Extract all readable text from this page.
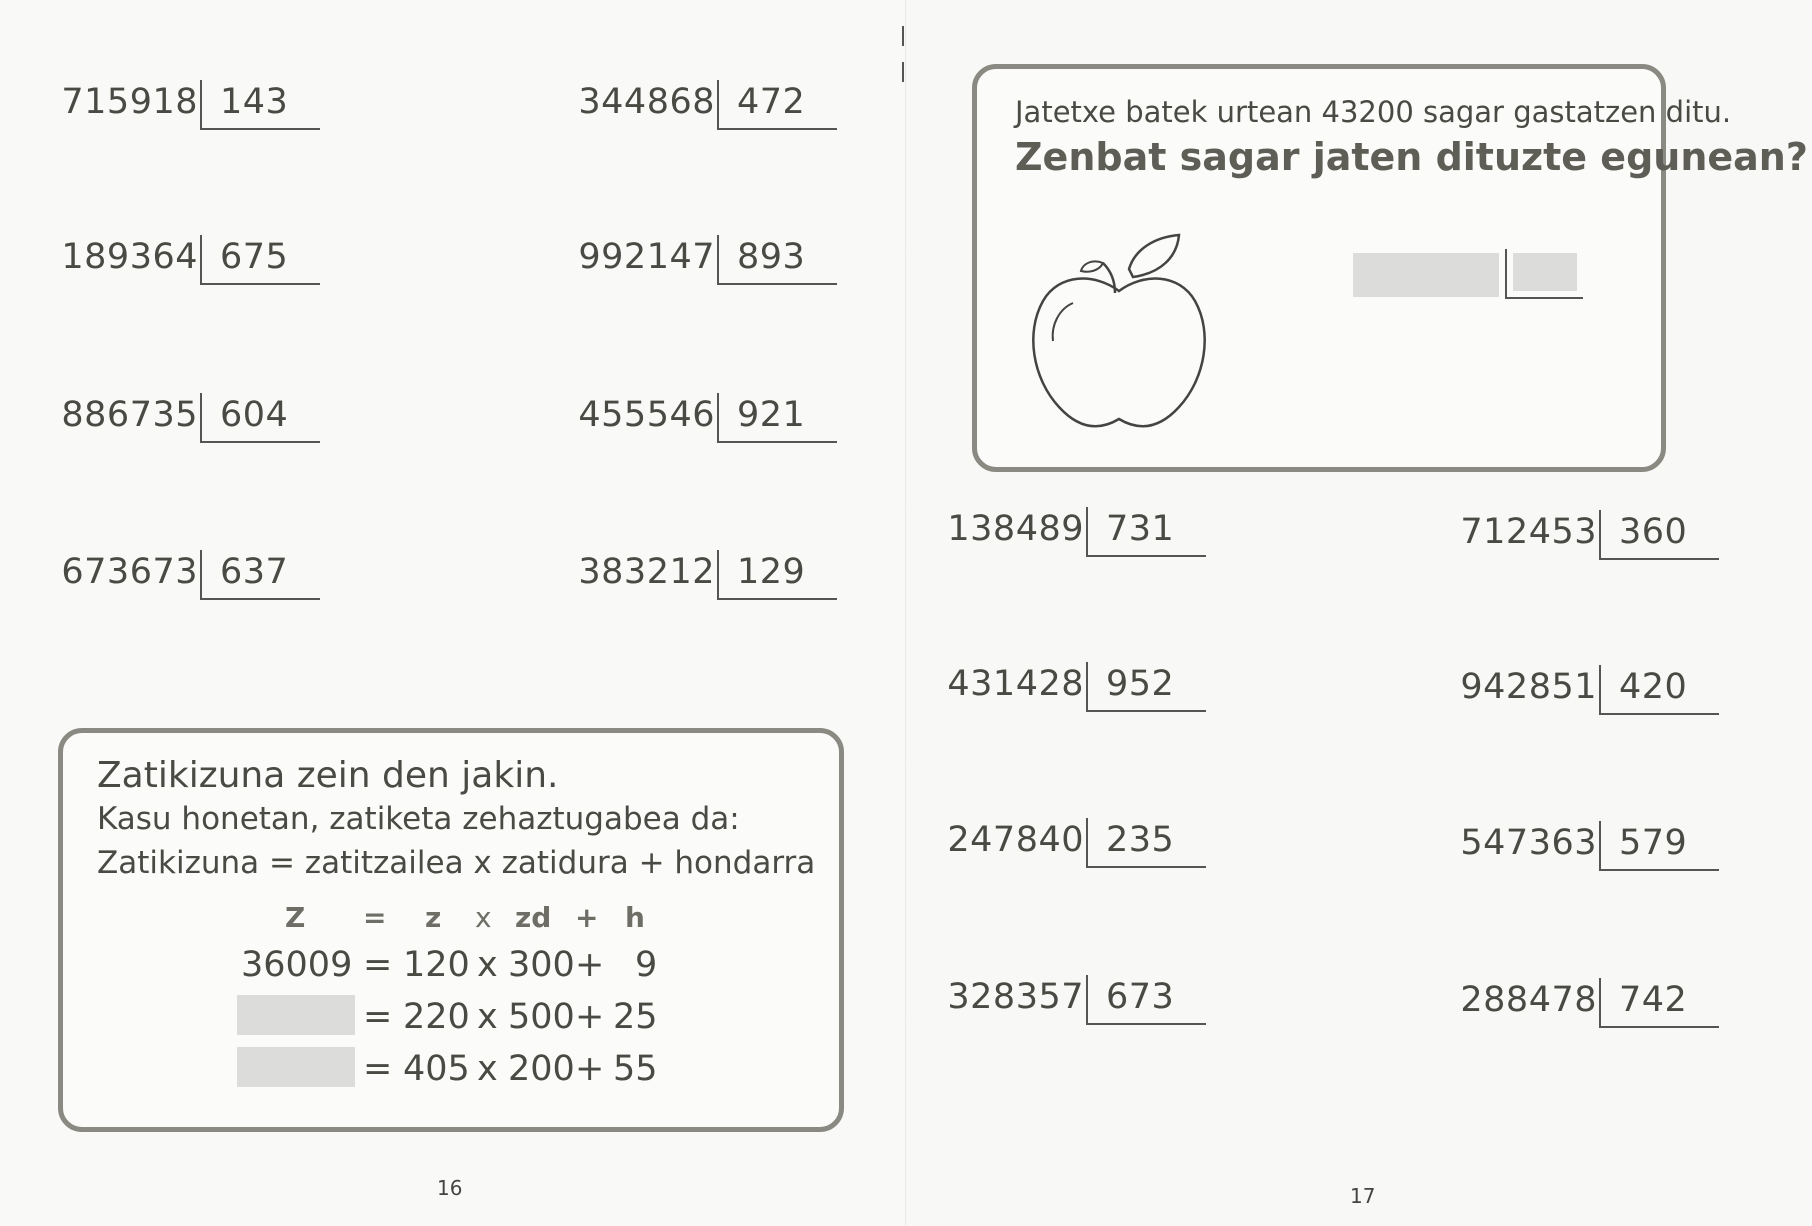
715918 143	344868 472
189364 675	992147 893
886735 604	455546 921
673673 637	383212 129
Zatikizuna zein den jakin.
Kasu honetan, zatiketa zehaztugabea da:
Zatikizuna = zatitzailea x zatidura + hondarra
Z = z x zd + h
36009 = 120 x 300 + 9
= 220 x 500 + 25
= 405 x 200 + 55
16
Jatetxe batek urtean 43200 sagar gastatzen ditu.
Zenbat sagar jaten dituzte egunean?
138489 731	712453 360
431428 952	942851 420
247840 235	547363 579
328357 673	288478 742
17
